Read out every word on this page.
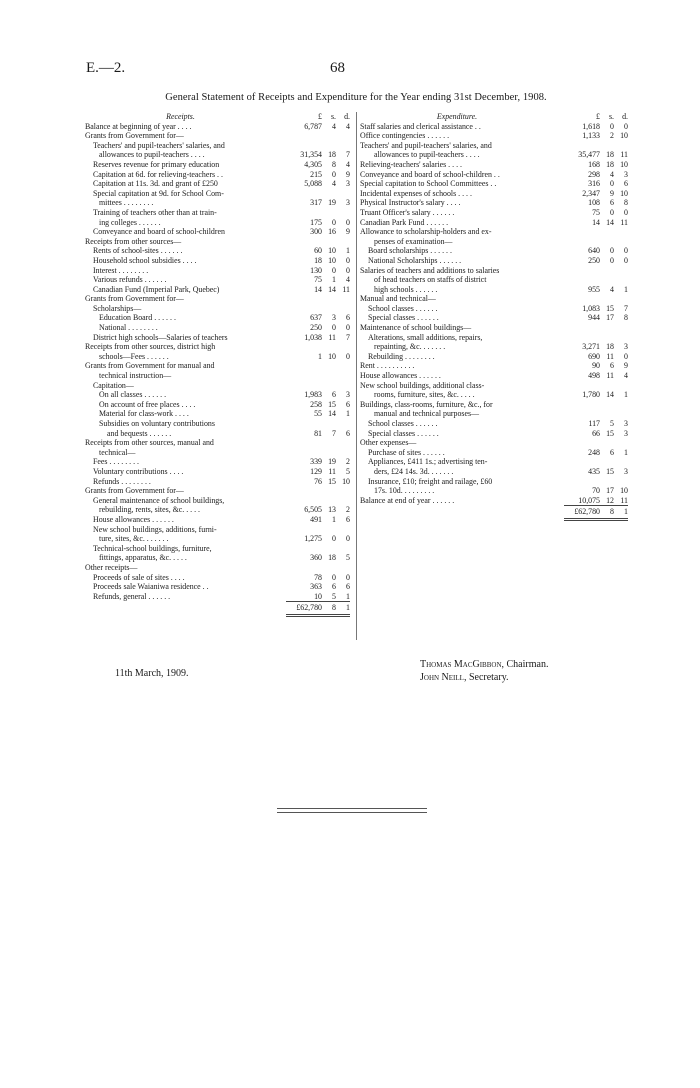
E.—2.	68
General Statement of Receipts and Expenditure for the Year ending 31st December, 1908.
Receipts.	£	s.	d.
Balance at beginning of year . . . .	6,787	4	4
Grants from Government for—
Teachers' and pupil-teachers' salaries, and
allowances to pupil-teachers . . . .	31,354 18	7
Reserves revenue for primary education	4,305	8	4
Capitation at 6d. for relieving-teachers . .	215	0	9
Capitation at 11s. 3d. and grant of £250	5,088	4	3
Special capitation at 9d. for School Com-
mittees . . . . . . . .	317 19	3
Training of teachers other than at train-
ing colleges . . . . . .	175	0	0
Conveyance and board of school-children	300 16	9
Receipts from other sources—
Rents of school-sites . . . . . .	60 10	1
Household school subsidies . . . .	18 10	0
Interest . . . . . . . .	130	0	0
Various refunds . . . . . .	75	1	4
Canadian Fund (Imperial Park, Quebec)	14 14 11
Grants from Government for—
Scholarships—
Education Board . . . . . .	637	3	6
National . . . . . . . .	250	0	0
District high schools—Salaries of teachers	1,038 11	7
Receipts from other sources, district high
schools—Fees . . . . . .	1 10	0
Grants from Government for manual and
technical instruction—
Capitation—
On all classes . . . . . .	1,983	6	3
On account of free places . . . .	258 15	6
Material for class-work . . . .	55 14	1
Subsidies on voluntary contributions
and bequests . . . . . .	81	7	6
Receipts from other sources, manual and
technical—
Fees . . . . . . . .	339 19	2
Voluntary contributions . . . .	129 11	5
Refunds . . . . . . . .	76 15 10
Grants from Government for—
General maintenance of school buildings,
rebuilding, rents, sites, &c. . . . .	6,505 13	2
House allowances . . . . . .	491	1	6
New school buildings, additions, furni-
ture, sites, &c. . . . . . .	1,275	0	0
Technical-school buildings, furniture,
fittings, apparatus, &c. . . . .	360 18	5
Other receipts—
Proceeds of sale of sites . . . .	78	0	0
Proceeds sale Waianiwa residence . .	363	6	6
Refunds, general . . . . . .	10	5	1
£62,780	8	1
Expenditure.	£	s.	d.
Staff salaries and clerical assistance . .	1,618	0	0
Office contingencies . . . . . .	1,133	2 10
Teachers' and pupil-teachers' salaries, and
allowances to pupil-teachers . . . .	35,477 18 11
Relieving-teachers' salaries . . . .	168 18 10
Conveyance and board of school-children . .	298	4	3
Special capitation to School Committees . .	316	0	6
Incidental expenses of schools . . . .	2,347	9 10
Physical Instructor's salary . . . .	108	6	8
Truant Officer's salary . . . . . .	75	0	0
Canadian Park Fund . . . . . .	14 14 11
Allowance to scholarship-holders and ex-
penses of examination—
Board scholarships . . . . . .	640	0	0
National Scholarships . . . . . .	250	0	0
Salaries of teachers and additions to salaries
of head teachers on staffs of district
high schools . . . . . .	955	4	1
Manual and technical—
School classes . . . . . .	1,083 15	7
Special classes . . . . . .	944 17	8
Maintenance of school buildings—
Alterations, small additions, repairs,
repainting, &c. . . . . . .	3,271 18	3
Rebuilding . . . . . . . .	690 11	0
Rent . . . . . . . . . .	90	6	9
House allowances . . . . . .	498 11	4
New school buildings, additional class-
rooms, furniture, sites, &c. . . . .	1,780 14	1
Buildings, class-rooms, furniture, &c., for
manual and technical purposes—
School classes . . . . . .	117	5	3
Special classes . . . . . .	66 15	3
Other expenses—
Purchase of sites . . . . . .	248	6	1
Appliances, £411 1s.; advertising ten-
ders, £24 14s. 3d. . . . . . .	435 15	3
Insurance, £10; freight and railage, £60
17s. 10d. . . . . . . . .	70 17 10
Balance at end of year . . . . . .	10,075 12 11
£62,780	8	1
11th March, 1909.
Thomas MacGibbon, Chairman.
John Neill, Secretary.
